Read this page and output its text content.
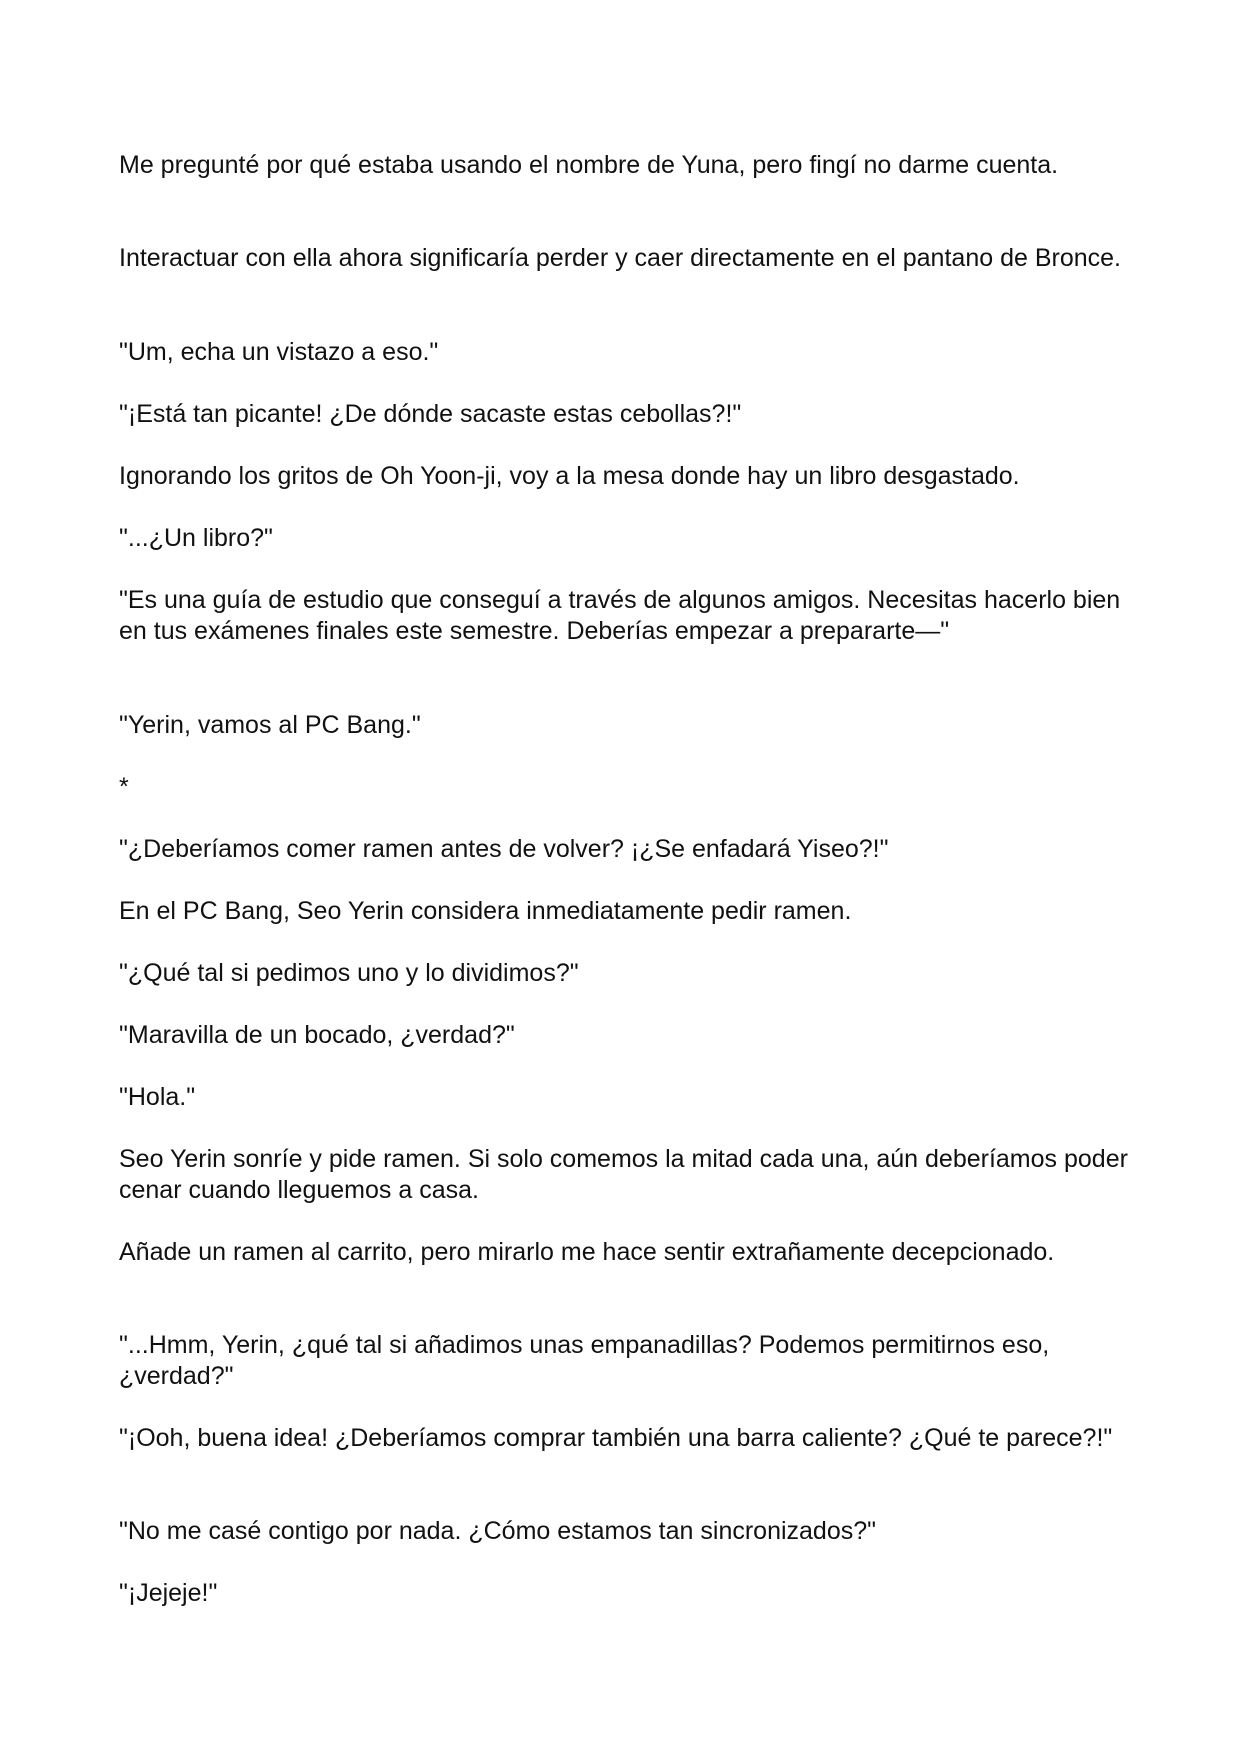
Me pregunté por qué estaba usando el nombre de Yuna, pero fingí no darme cuenta.

Interactuar con ella ahora significaría perder y caer directamente en el pantano de Bronce.

"Um, echa un vistazo a eso."

"¡Está tan picante! ¿De dónde sacaste estas cebollas?!"

Ignorando los gritos de Oh Yoon-ji, voy a la mesa donde hay un libro desgastado.

"...¿Un libro?"

"Es una guía de estudio que conseguí a través de algunos amigos. Necesitas hacerlo bien en tus exámenes finales este semestre. Deberías empezar a prepararte—"

"Yerin, vamos al PC Bang."

*

"¿Deberíamos comer ramen antes de volver? ¡¿Se enfadará Yiseo?!"

En el PC Bang, Seo Yerin considera inmediatamente pedir ramen.

"¿Qué tal si pedimos uno y lo dividimos?"

"Maravilla de un bocado, ¿verdad?"

"Hola."

Seo Yerin sonríe y pide ramen. Si solo comemos la mitad cada una, aún deberíamos poder cenar cuando lleguemos a casa.

Añade un ramen al carrito, pero mirarlo me hace sentir extrañamente decepcionado.

"...Hmm, Yerin, ¿qué tal si añadimos unas empanadillas? Podemos permitirnos eso, ¿verdad?"

"¡Ooh, buena idea! ¿Deberíamos comprar también una barra caliente? ¿Qué te parece?!"

"No me casé contigo por nada. ¿Cómo estamos tan sincronizados?"

"¡Jejeje!"
